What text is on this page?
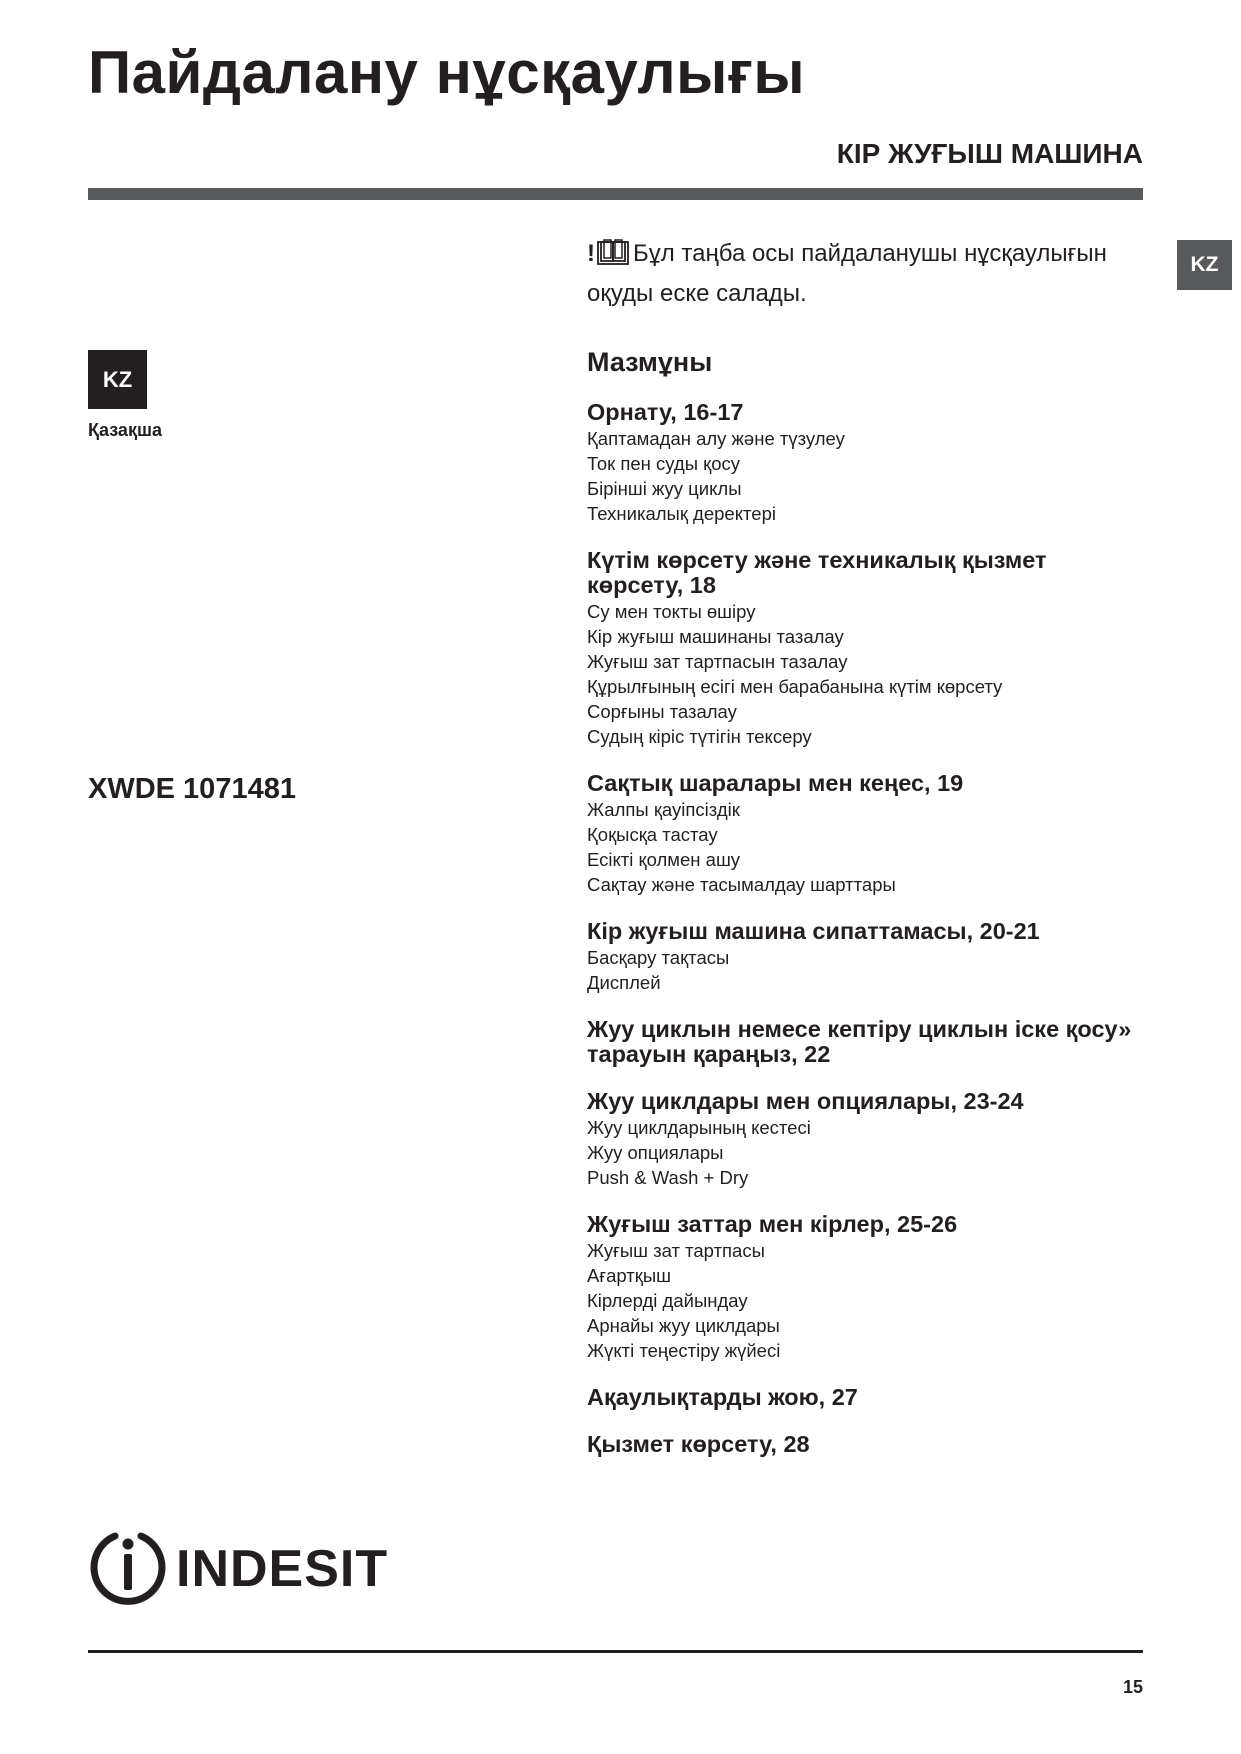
Пайдалану нұсқаулығы
КІР ЖУҒЫШ МАШИНА
KZ
KZ
Қазақша
XWDE 1071481
! Бұл таңба осы пайдаланушы нұсқаулығын оқуды еске салады.
Мазмұны
Орнату, 16-17
Қаптамадан алу және түзулеу
Ток пен суды қосу
Бірінші жуу циклы
Техникалық деректері
Күтім көрсету және техникалық қызмет көрсету, 18
Су мен токты өшіру
Кір жуғыш машинаны тазалау
Жуғыш зат тартпасын тазалау
Құрылғының есігі мен барабанына күтім көрсету
Сорғыны тазалау
Судың кіріс түтігін тексеру
Сақтық шаралары мен кеңес, 19
Жалпы қауіпсіздік
Қоқысқа тастау
Есікті қолмен ашу
Сақтау және тасымалдау шарттары
Кір жуғыш машина сипаттамасы, 20-21
Басқару тақтасы
Дисплей
Жуу циклын немесе кептіру циклын іске қосу» тарауын қараңыз, 22
Жуу циклдары мен опциялары, 23-24
Жуу циклдарының кестесі
Жуу опциялары
Push & Wash + Dry
Жуғыш заттар мен кірлер, 25-26
Жуғыш зат тартпасы
Ағартқыш
Кірлерді дайындау
Арнайы жуу циклдары
Жүкті теңестіру жүйесі
Ақаулықтарды жою, 27
Қызмет көрсету, 28
INDESIT
15
